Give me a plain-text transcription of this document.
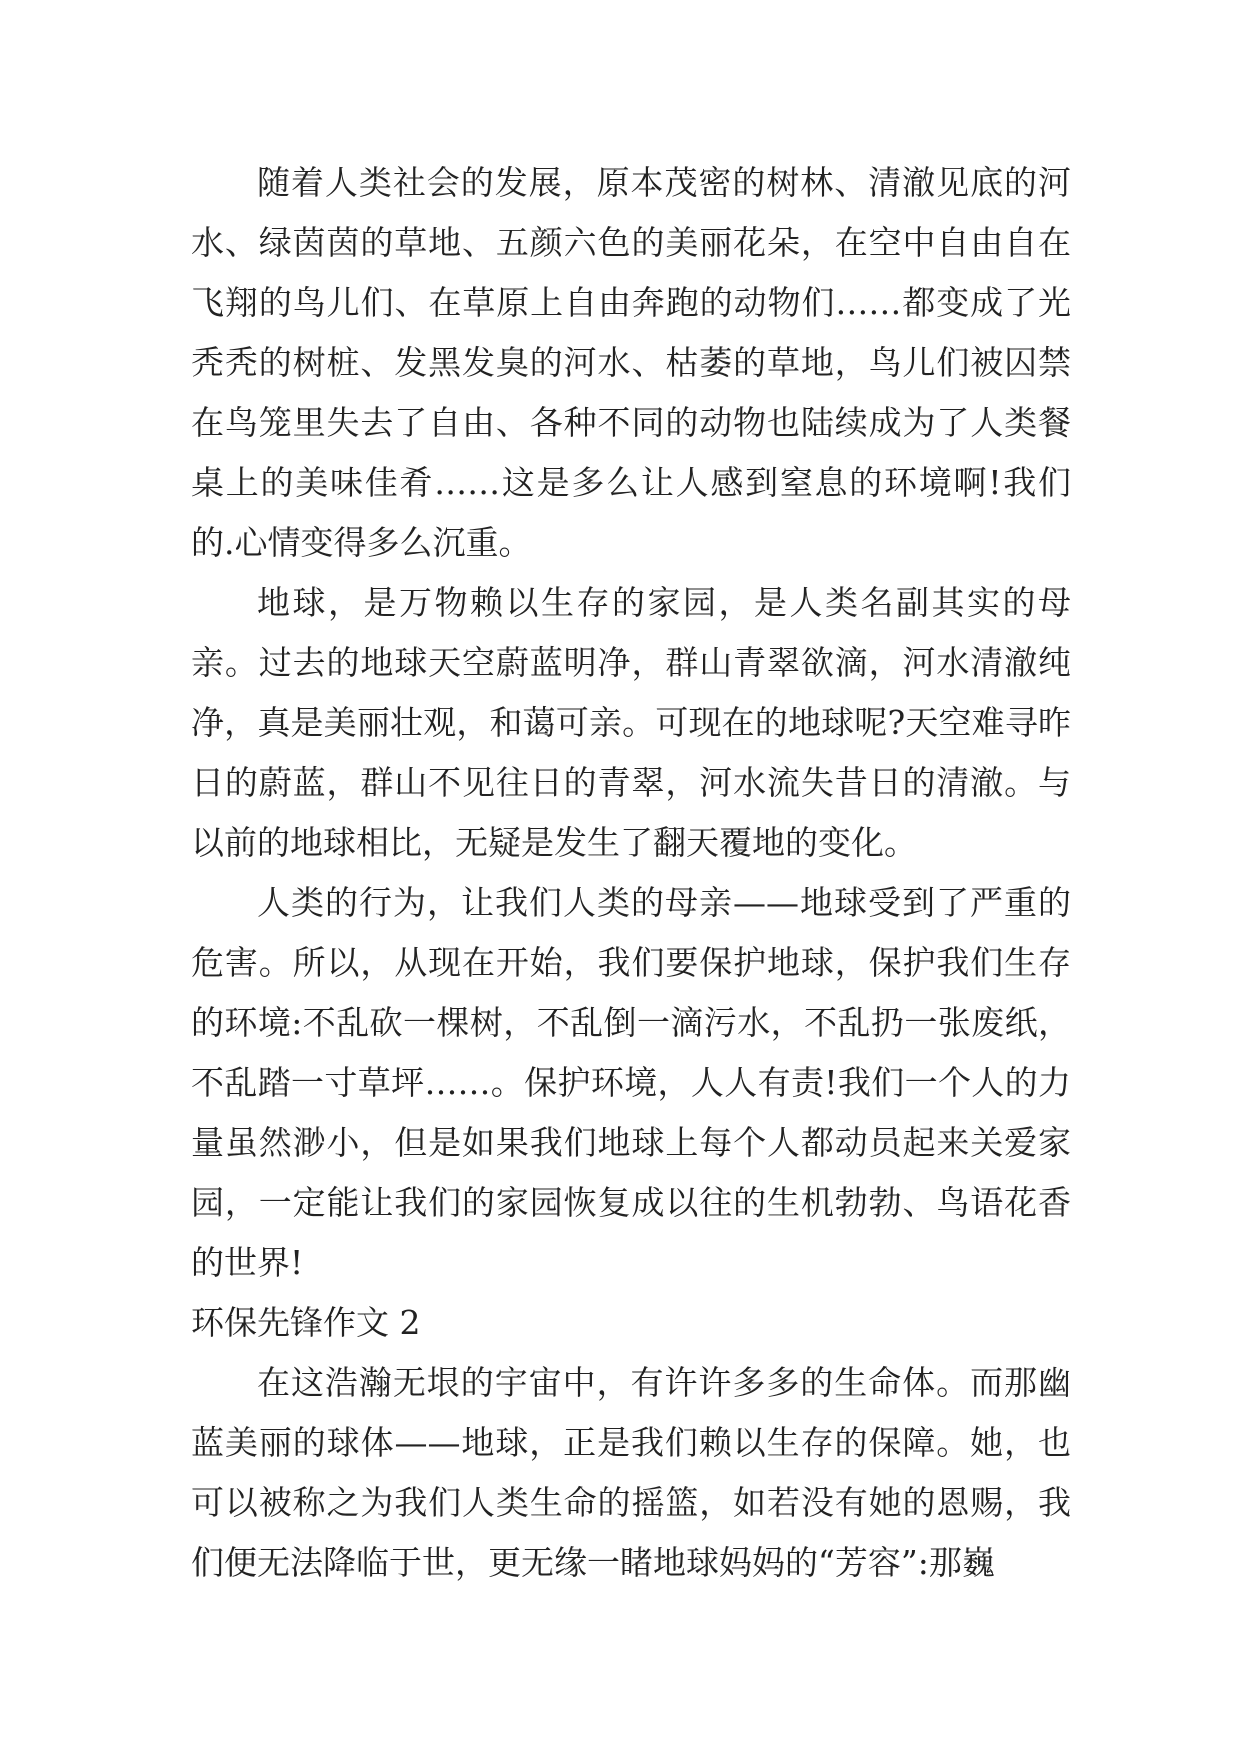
随着人类社会的发展，原本茂密的树林、清澈见底的河水、绿茵茵的草地、五颜六色的美丽花朵，在空中自由自在飞翔的鸟儿们、在草原上自由奔跑的动物们……都变成了光秃秃的树桩、发黑发臭的河水、枯萎的草地，鸟儿们被囚禁在鸟笼里失去了自由、各种不同的动物也陆续成为了人类餐桌上的美味佳肴……这是多么让人感到窒息的环境啊!我们的.心情变得多么沉重。

地球，是万物赖以生存的家园，是人类名副其实的母亲。过去的地球天空蔚蓝明净，群山青翠欲滴，河水清澈纯净，真是美丽壮观，和蔼可亲。可现在的地球呢?天空难寻昨日的蔚蓝，群山不见往日的青翠，河水流失昔日的清澈。与以前的地球相比，无疑是发生了翻天覆地的变化。

人类的行为，让我们人类的母亲——地球受到了严重的危害。所以，从现在开始，我们要保护地球，保护我们生存的环境:不乱砍一棵树，不乱倒一滴污水，不乱扔一张废纸，不乱踏一寸草坪……。保护环境，人人有责!我们一个人的力量虽然渺小，但是如果我们地球上每个人都动员起来关爱家园，一定能让我们的家园恢复成以往的生机勃勃、鸟语花香的世界!

环保先锋作文 2

在这浩瀚无垠的宇宙中，有许许多多的生命体。而那幽蓝美丽的球体——地球，正是我们赖以生存的保障。她，也可以被称之为我们人类生命的摇篮，如若没有她的恩赐，我们便无法降临于世，更无缘一睹地球妈妈的“芳容”:那巍
